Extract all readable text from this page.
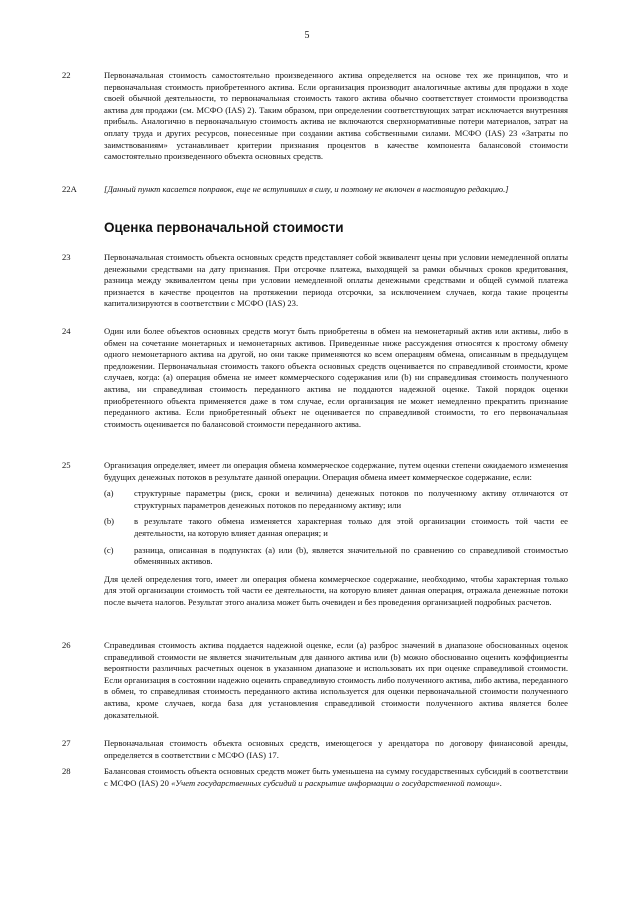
5
22	Первоначальная стоимость самостоятельно произведенного актива определяется на основе тех же принципов, что и первоначальная стоимость приобретенного актива. Если организация производит аналогичные активы для продажи в ходе своей обычной деятельности, то первоначальная стоимость такого актива обычно соответствует стоимости производства актива для продажи (см. МСФО (IAS) 2). Таким образом, при определении соответствующих затрат исключается внутренняя прибыль. Аналогично в первоначальную стоимость актива не включаются сверхнормативные потери материалов, затрат на оплату труда и других ресурсов, понесенные при создании актива собственными силами. МСФО (IAS) 23 «Затраты по заимствованиям» устанавливает критерии признания процентов в качестве компонента балансовой стоимости самостоятельно произведенного объекта основных средств.
22A	[Данный пункт касается поправок, еще не вступивших в силу, и поэтому не включен в настоящую редакцию.]
Оценка первоначальной стоимости
23	Первоначальная стоимость объекта основных средств представляет собой эквивалент цены при условии немедленной оплаты денежными средствами на дату признания. При отсрочке платежа, выходящей за рамки обычных сроков кредитования, разница между эквивалентом цены при условии немедленной оплаты денежными средствами и общей суммой платежа признается в качестве процентов на протяжении периода отсрочки, за исключением случаев, когда такие проценты капитализируются в соответствии с МСФО (IAS) 23.
24	Один или более объектов основных средств могут быть приобретены в обмен на немонетарный актив или активы, либо в обмен на сочетание монетарных и немонетарных активов. Приведенные ниже рассуждения относятся к простому обмену одного немонетарного актива на другой, но они также применяются ко всем операциям обмена, описанным в предыдущем предложении. Первоначальная стоимость такого объекта основных средств оценивается по справедливой стоимости, кроме случаев, когда: (a) операция обмена не имеет коммерческого содержания или (b) ни справедливая стоимость полученного актива, ни справедливая стоимость переданного актива не поддаются надежной оценке. Такой порядок оценки приобретенного объекта применяется даже в том случае, если организация не может немедленно прекратить признание переданного актива. Если приобретенный объект не оценивается по справедливой стоимости, то его первоначальная стоимость оценивается по балансовой стоимости переданного актива.
25	Организация определяет, имеет ли операция обмена коммерческое содержание, путем оценки степени ожидаемого изменения будущих денежных потоков в результате данной операции. Операция обмена имеет коммерческое содержание, если:
(a) структурные параметры (риск, сроки и величина) денежных потоков по полученному активу отличаются от структурных параметров денежных потоков по переданному активу; или
(b) в результате такого обмена изменяется характерная только для этой организации стоимость той части ее деятельности, на которую влияет данная операция; и
(c) разница, описанная в подпунктах (a) или (b), является значительной по сравнению со справедливой стоимостью обменянных активов.
Для целей определения того, имеет ли операция обмена коммерческое содержание, необходимо, чтобы характерная только для этой организации стоимость той части ее деятельности, на которую влияет данная операция, отражала денежные потоки после вычета налогов. Результат этого анализа может быть очевиден и без проведения организацией подробных расчетов.
26	Справедливая стоимость актива поддается надежной оценке, если (a) разброс значений в диапазоне обоснованных оценок справедливой стоимости не является значительным для данного актива или (b) можно обоснованно оценить коэффициенты вероятности различных расчетных оценок в указанном диапазоне и использовать их при оценке справедливой стоимости. Если организация в состоянии надежно оценить справедливую стоимость либо полученного актива, либо актива, переданного в обмен, то справедливая стоимость переданного актива используется для оценки первоначальной стоимости полученного актива, кроме случаев, когда база для установления справедливой стоимости полученного актива является более доказательной.
27	Первоначальная стоимость объекта основных средств, имеющегося у арендатора по договору финансовой аренды, определяется в соответствии с МСФО (IAS) 17.
28	Балансовая стоимость объекта основных средств может быть уменьшена на сумму государственных субсидий в соответствии с МСФО (IAS) 20 «Учет государственных субсидий и раскрытие информации о государственной помощи».
